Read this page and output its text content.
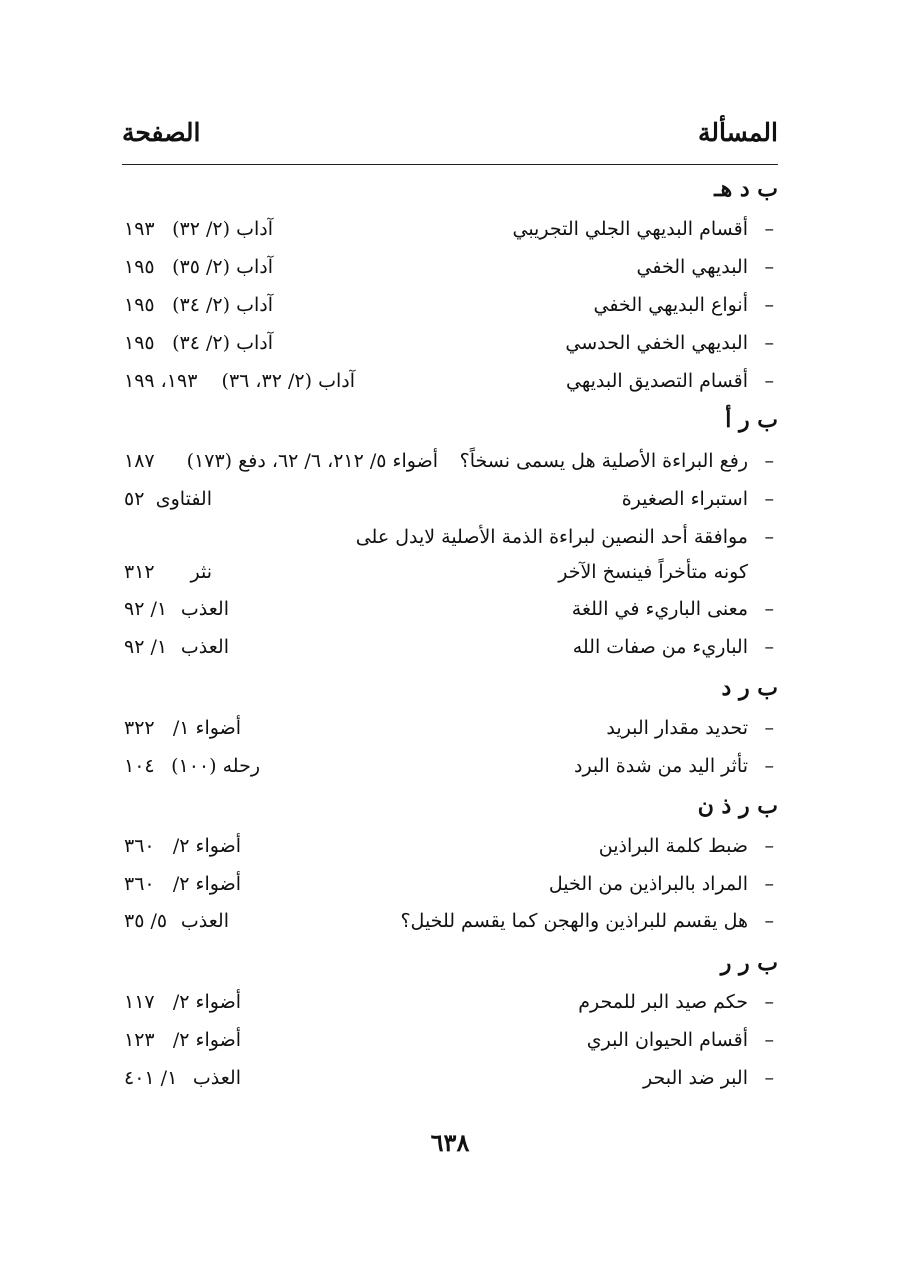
المسألة
الصفحة
ب د هـ
–
أقسام البديهي الجلي التجريبي
آداب (٢/ ٣٢)
١٩٣
–
البديهي الخفي
آداب (٢/ ٣٥)
١٩٥
–
أنواع البديهي الخفي
آداب (٢/ ٣٤)
١٩٥
–
البديهي الخفي الحدسي
آداب (٢/ ٣٤)
١٩٥
–
أقسام التصديق البديهي
آداب (٢/ ٣٢، ٣٦)
١٩٣، ١٩٩
ب ر أ
–
رفع البراءة الأصلية هل يسمى نسخاً؟
أضواء ٥/ ٢١٢، ٦/ ٦٢، دفع (١٧٣)
١٨٧
–
استبراء الصغيرة
الفتاوى
٥٢
–
موافقة أحد النصين لبراءة الذمة الأصلية لايدل على
كونه متأخراً فينسخ الآخر
نثر
٣١٢
–
معنى الباريء في اللغة
العذب
١/ ٩٢
–
الباريء من صفات الله
العذب
١/ ٩٢
ب ر د
–
تحديد مقدار البريد
أضواء ١/
٣٢٢
–
تأثر اليد من شدة البرد
رحله (١٠٠)
١٠٤
ب ر ذ ن
–
ضبط كلمة البراذين
أضواء ٢/
٣٦٠
–
المراد بالبراذين من الخيل
أضواء ٢/
٣٦٠
–
هل يقسم للبراذين والهجن كما يقسم للخيل؟
العذب
٥/ ٣٥
ب ر ر
–
حكم صيد البر للمحرم
أضواء ٢/
١١٧
–
أقسام الحيوان البري
أضواء ٢/
١٢٣
–
البر ضد البحر
العذب
١/ ٤٠١
٦٣٨
